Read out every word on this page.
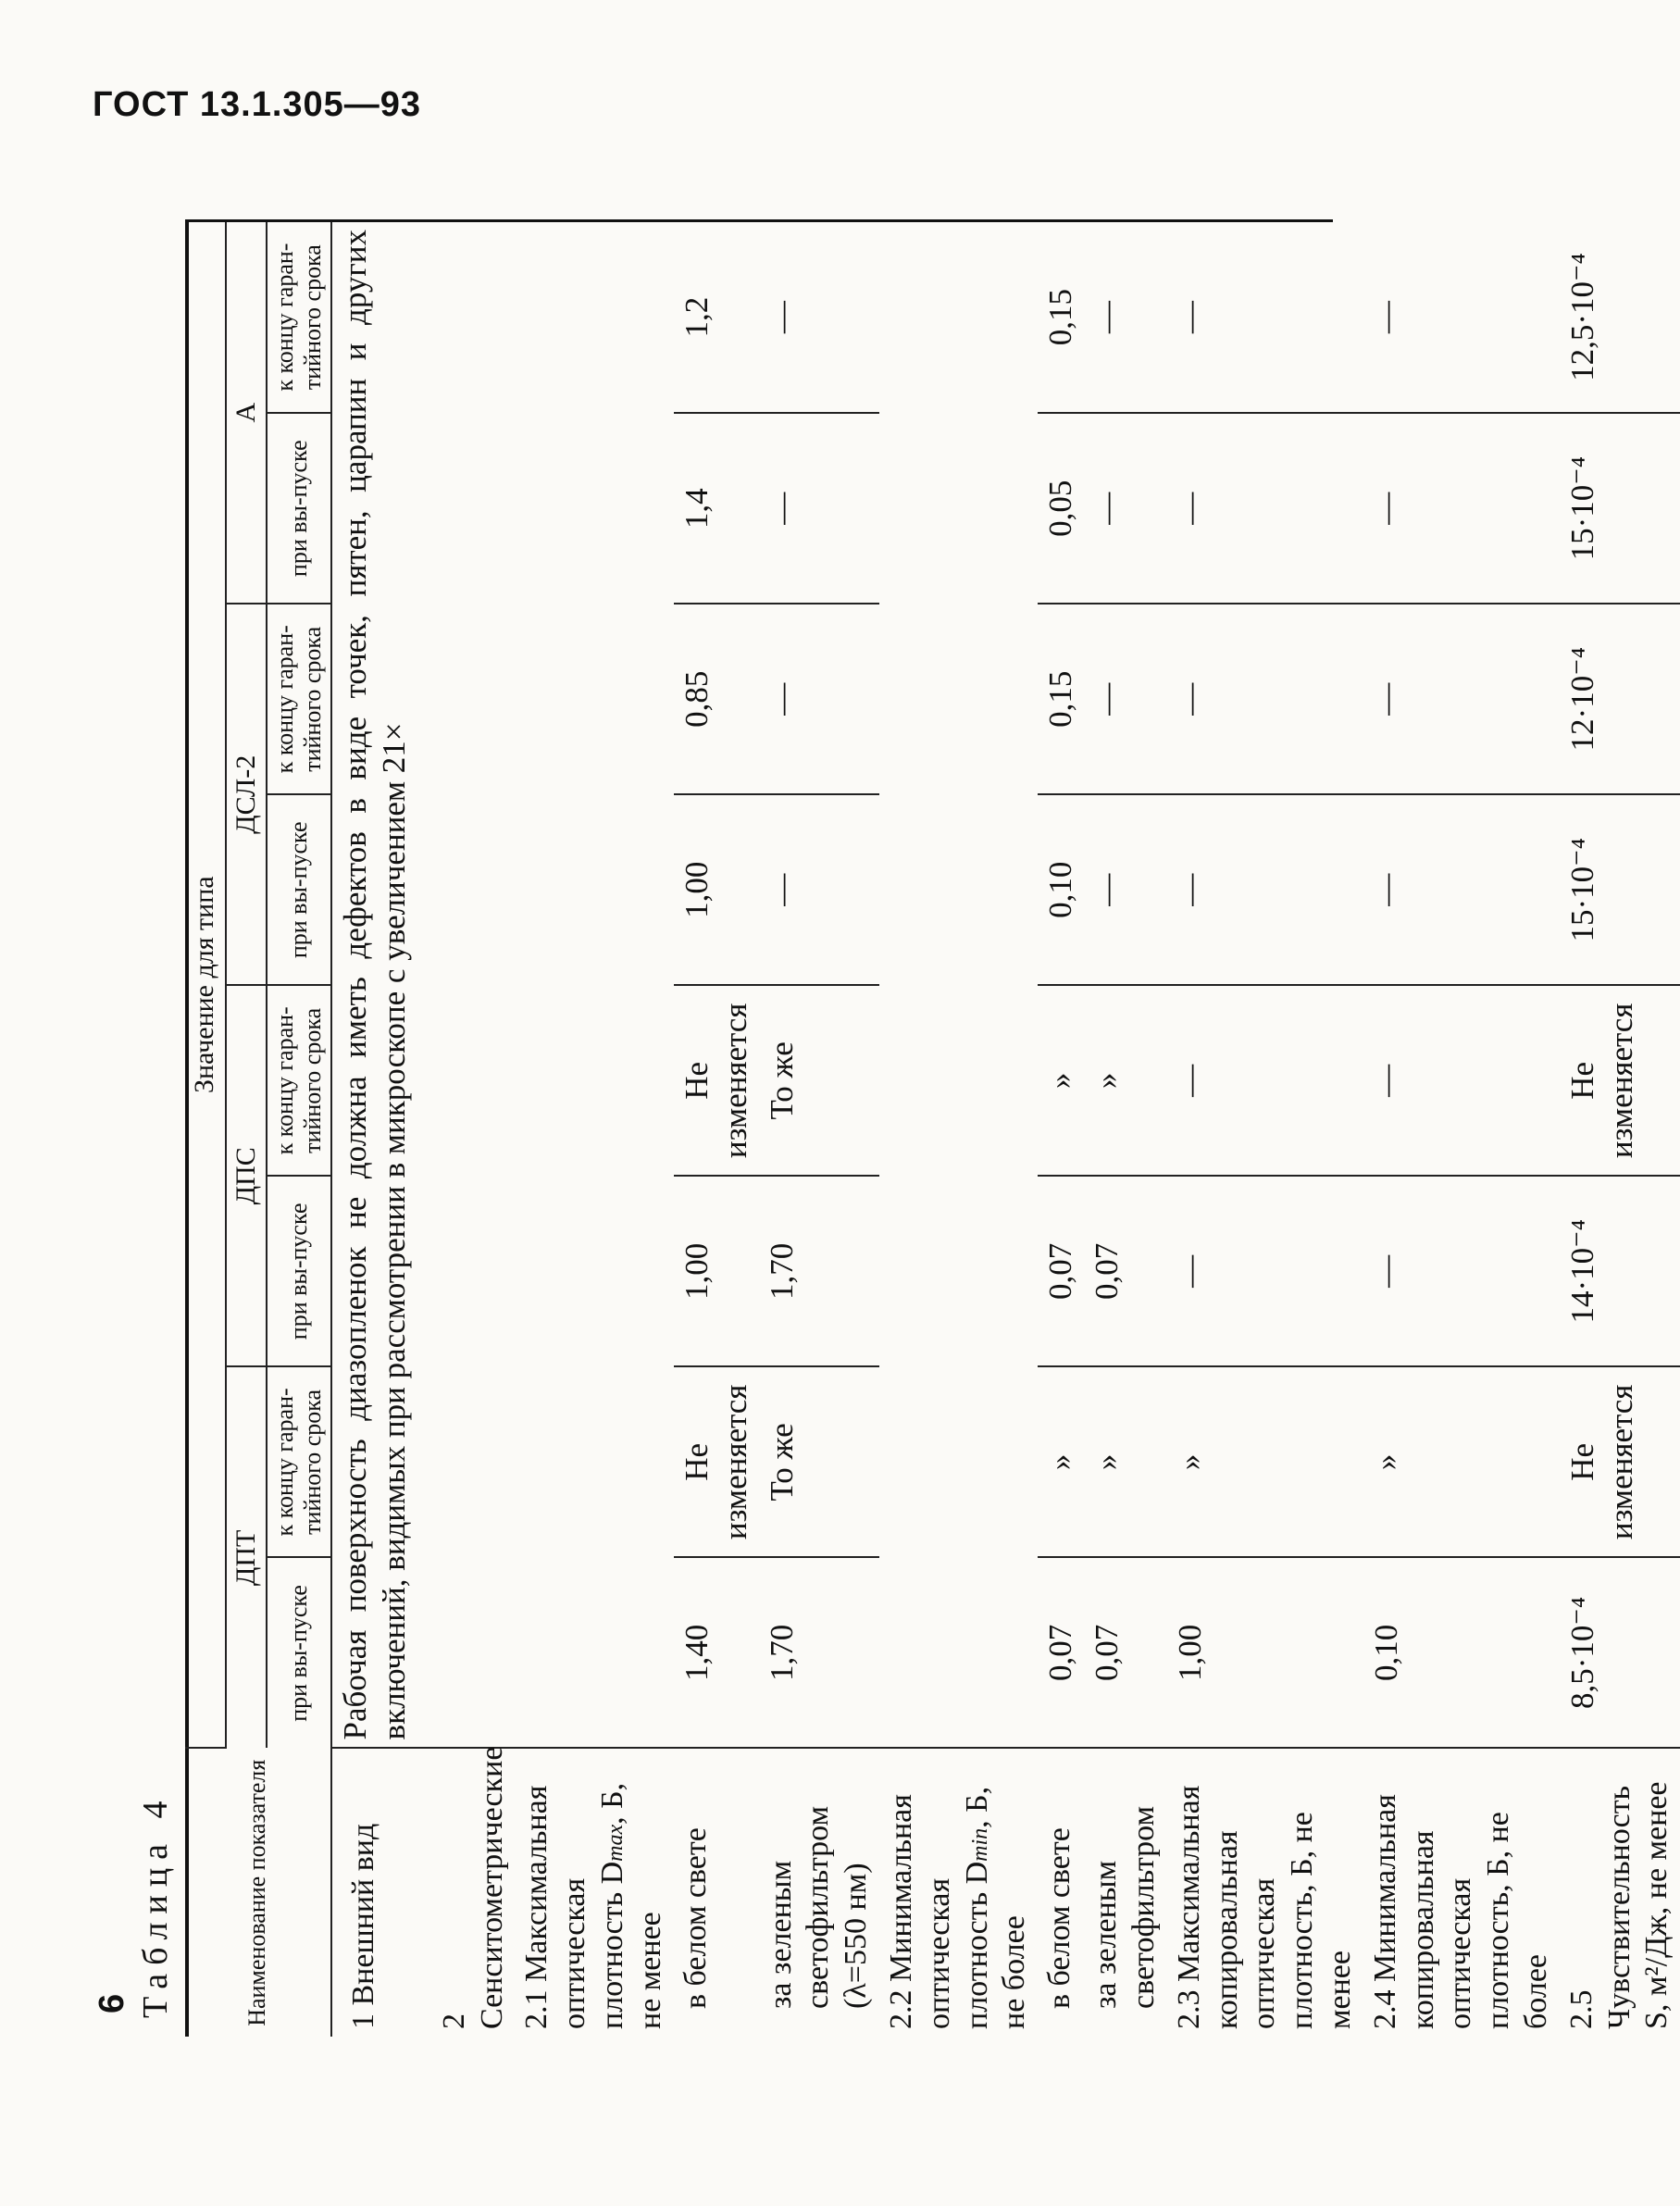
ГОСТ 13.1.305—93
6 Таблица 4	Наименование показателя	Значение для типа							
	ДПТ		ДПС		ДСЛ-2		А	
	при вы-пуске	к концу гаран-тийного срока	при вы-пуске	к концу гаран-тийного срока	при вы-пуске	к концу гаран-тийного срока	при вы-пуске	к концу гаран-тийного срока
1 Внешний вид	Рабочая поверхность диазопленок не должна иметь дефектов в виде точек, пятен, царапин и других включений, видимых при рассмотрении в микроскопе с увеличением 21×							
2 Сенситометрические								
2.1 Максимальная оптическая плотность Dmax, Б, не менее								
в белом свете	1,40	Не изменяется	1,00	Не изменяется	1,00	0,85	1,4	1,2
за зеленым светофильтром (λ=550 нм)	1,70	То же	1,70	То же	—	—	—	—
2.2 Минимальная оптическая плотность Dmin, Б, не более								
в белом свете	0,07	»	0,07	»	0,10	0,15	0,05	0,15
за зеленым светофильтром	0,07	»	0,07	»	—	—	—	—
2.3 Максимальная копировальная оптическая плотность, Б, не менее	1,00	»	—	—	—	—	—	—
2.4 Минимальная копировальная оптическая плотность, Б, не более	0,10	»	—	—	—	—	—	—
2.5 Чувствительность S, м²/Дж, не менее	8,5·10⁻⁴	Не изменяется	14·10⁻⁴	Не изменяется	15·10⁻⁴	12·10⁻⁴	15·10⁻⁴	12,5·10⁻⁴
